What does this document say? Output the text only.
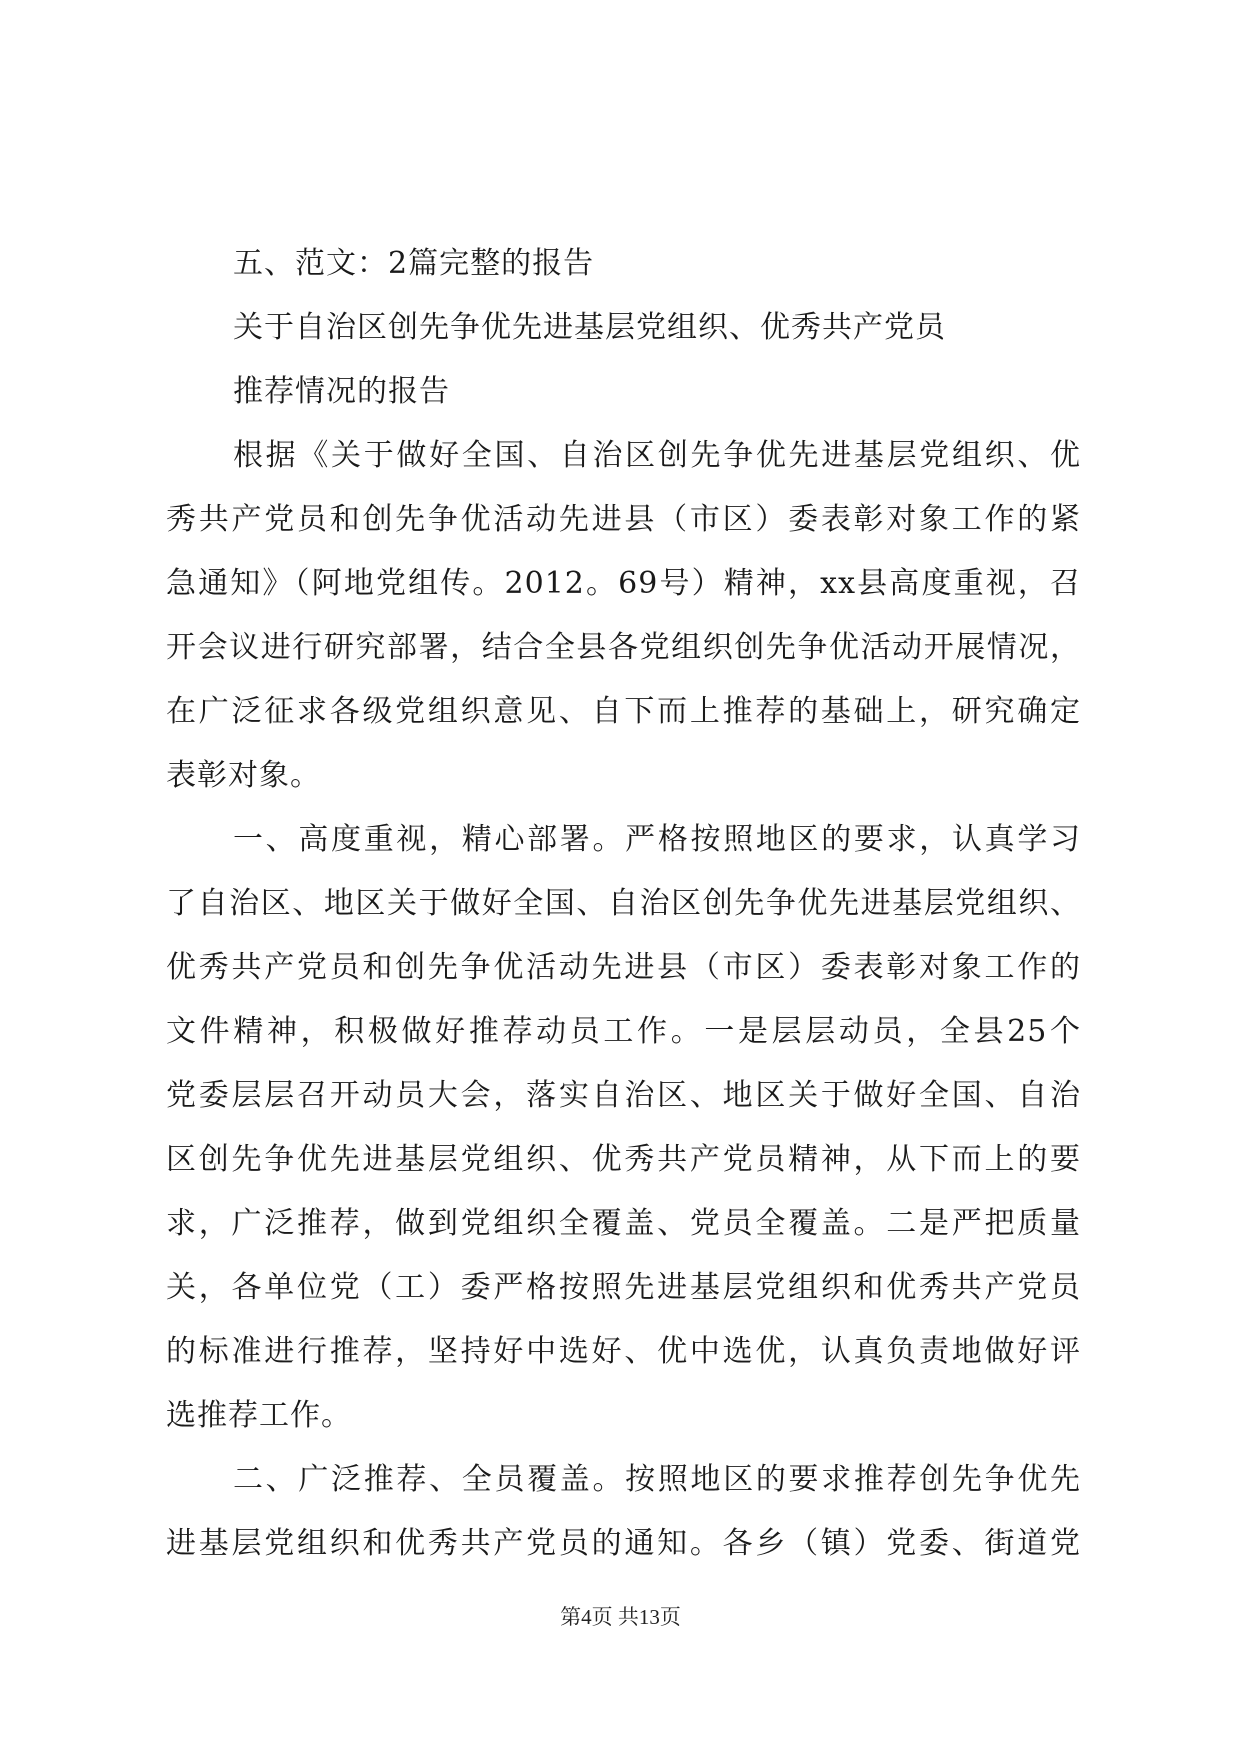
五、范文：2篇完整的报告
关于自治区创先争优先进基层党组织、优秀共产党员
推荐情况的报告
根据《关于做好全国、自治区创先争优先进基层党组织、优
秀共产党员和创先争优活动先进县（市区）委表彰对象工作的紧
急通知》（阿地党组传。2012。69号）精神，xx县高度重视，召
开会议进行研究部署，结合全县各党组织创先争优活动开展情况，
在广泛征求各级党组织意见、自下而上推荐的基础上，研究确定
表彰对象。
一、高度重视，精心部署。严格按照地区的要求，认真学习
了自治区、地区关于做好全国、自治区创先争优先进基层党组织、
优秀共产党员和创先争优活动先进县（市区）委表彰对象工作的
文件精神，积极做好推荐动员工作。一是层层动员，全县25个
党委层层召开动员大会，落实自治区、地区关于做好全国、自治
区创先争优先进基层党组织、优秀共产党员精神，从下而上的要
求，广泛推荐，做到党组织全覆盖、党员全覆盖。二是严把质量
关，各单位党（工）委严格按照先进基层党组织和优秀共产党员
的标准进行推荐，坚持好中选好、优中选优，认真负责地做好评
选推荐工作。
二、广泛推荐、全员覆盖。按照地区的要求推荐创先争优先
进基层党组织和优秀共产党员的通知。各乡（镇）党委、街道党
第4页 共13页
